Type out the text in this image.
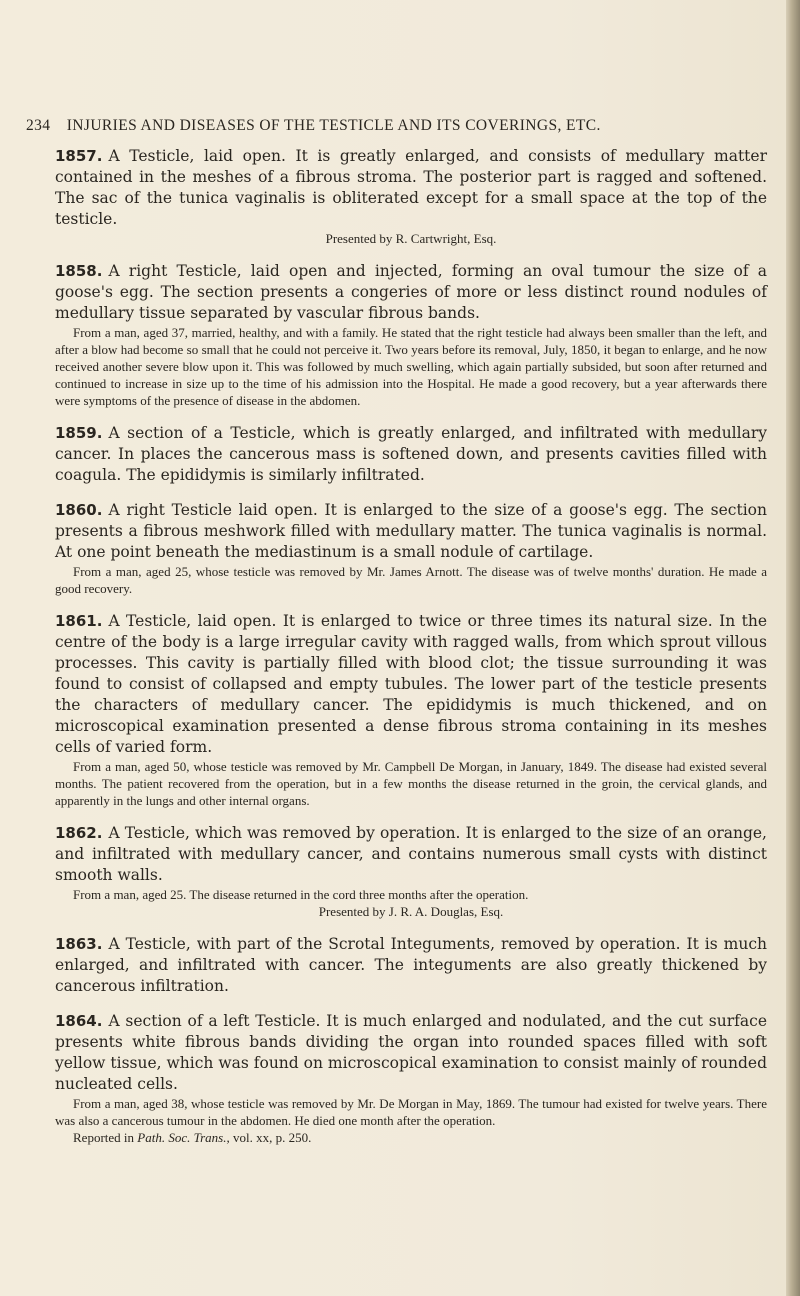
234 INJURIES AND DISEASES OF THE TESTICLE AND ITS COVERINGS, ETC.

1857. A Testicle, laid open. It is greatly enlarged, and consists of medullary matter contained in the meshes of a fibrous stroma. The posterior part is ragged and softened. The sac of the tunica vaginalis is obliterated except for a small space at the top of the testicle.

Presented by R. Cartwright, Esq.

1858. A right Testicle, laid open and injected, forming an oval tumour the size of a goose's egg. The section presents a congeries of more or less distinct round nodules of medullary tissue separated by vascular fibrous bands.

From a man, aged 37, married, healthy, and with a family. He stated that the right testicle had always been smaller than the left, and after a blow had become so small that he could not perceive it. Two years before its removal, July, 1850, it began to enlarge, and he now received another severe blow upon it. This was followed by much swelling, which again partially subsided, but soon after returned and continued to increase in size up to the time of his admission into the Hospital. He made a good recovery, but a year afterwards there were symptoms of the presence of disease in the abdomen.

1859. A section of a Testicle, which is greatly enlarged, and infiltrated with medullary cancer. In places the cancerous mass is softened down, and presents cavities filled with coagula. The epididymis is similarly infiltrated.

1860. A right Testicle laid open. It is enlarged to the size of a goose's egg. The section presents a fibrous meshwork filled with medullary matter. The tunica vaginalis is normal. At one point beneath the mediastinum is a small nodule of cartilage.

From a man, aged 25, whose testicle was removed by Mr. James Arnott. The disease was of twelve months' duration. He made a good recovery.

1861. A Testicle, laid open. It is enlarged to twice or three times its natural size. In the centre of the body is a large irregular cavity with ragged walls, from which sprout villous processes. This cavity is partially filled with blood clot; the tissue surrounding it was found to consist of collapsed and empty tubules. The lower part of the testicle presents the characters of medullary cancer. The epididymis is much thickened, and on microscopical examination presented a dense fibrous stroma containing in its meshes cells of varied form.

From a man, aged 50, whose testicle was removed by Mr. Campbell De Morgan, in January, 1849. The disease had existed several months. The patient recovered from the operation, but in a few months the disease returned in the groin, the cervical glands, and apparently in the lungs and other internal organs.

1862. A Testicle, which was removed by operation. It is enlarged to the size of an orange, and infiltrated with medullary cancer, and contains numerous small cysts with distinct smooth walls.

From a man, aged 25. The disease returned in the cord three months after the operation.

Presented by J. R. A. Douglas, Esq.

1863. A Testicle, with part of the Scrotal Integuments, removed by operation. It is much enlarged, and infiltrated with cancer. The integuments are also greatly thickened by cancerous infiltration.

1864. A section of a left Testicle. It is much enlarged and nodulated, and the cut surface presents white fibrous bands dividing the organ into rounded spaces filled with soft yellow tissue, which was found on microscopical examination to consist mainly of rounded nucleated cells.

From a man, aged 38, whose testicle was removed by Mr. De Morgan in May, 1869. The tumour had existed for twelve years. There was also a cancerous tumour in the abdomen. He died one month after the operation.

Reported in Path. Soc. Trans., vol. xx, p. 250.
